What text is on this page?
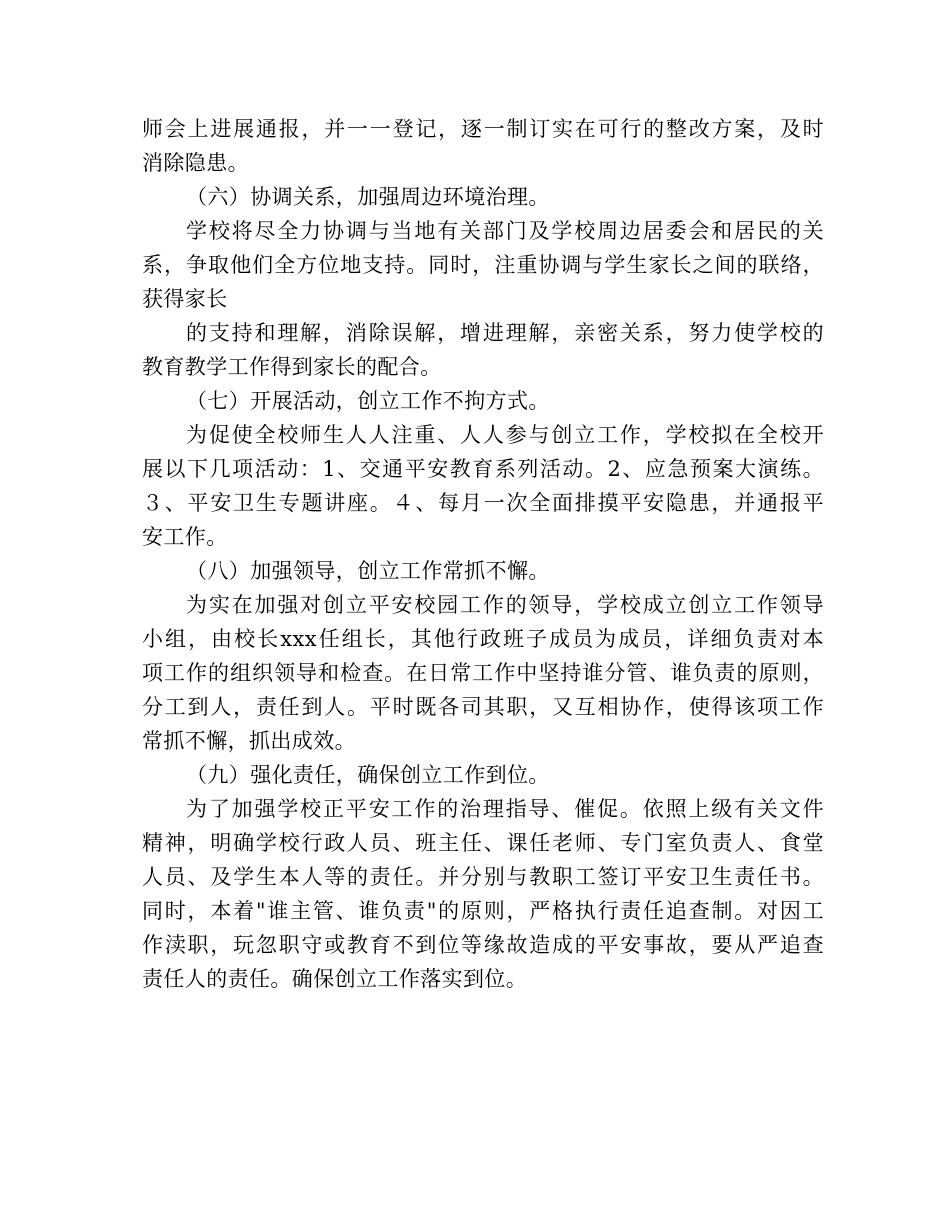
师会上进展通报，并一一登记，逐一制订实在可行的整改方案，及时
消除隐患。
（六）协调关系，加强周边环境治理。
学校将尽全力协调与当地有关部门及学校周边居委会和居民的关
系，争取他们全方位地支持。同时，注重协调与学生家长之间的联络，
获得家长
的支持和理解，消除误解，增进理解，亲密关系，努力使学校的
教育教学工作得到家长的配合。
（七）开展活动，创立工作不拘方式。
为促使全校师生人人注重、人人参与创立工作，学校拟在全校开
展以下几项活动：1、交通平安教育系列活动。2、应急预案大演练。
３、平安卫生专题讲座。４、每月一次全面排摸平安隐患，并通报平
安工作。
（八）加强领导，创立工作常抓不懈。
为实在加强对创立平安校园工作的领导，学校成立创立工作领导
小组，由校长xxx任组长，其他行政班子成员为成员，详细负责对本
项工作的组织领导和检查。在日常工作中坚持谁分管、谁负责的原则，
分工到人，责任到人。平时既各司其职，又互相协作，使得该项工作
常抓不懈，抓出成效。
（九）强化责任，确保创立工作到位。
为了加强学校正平安工作的治理指导、催促。依照上级有关文件
精神，明确学校行政人员、班主任、课任老师、专门室负责人、食堂
人员、及学生本人等的责任。并分别与教职工签订平安卫生责任书。
同时，本着"谁主管、谁负责"的原则，严格执行责任追查制。对因工
作渎职，玩忽职守或教育不到位等缘故造成的平安事故，要从严追查
责任人的责任。确保创立工作落实到位。
